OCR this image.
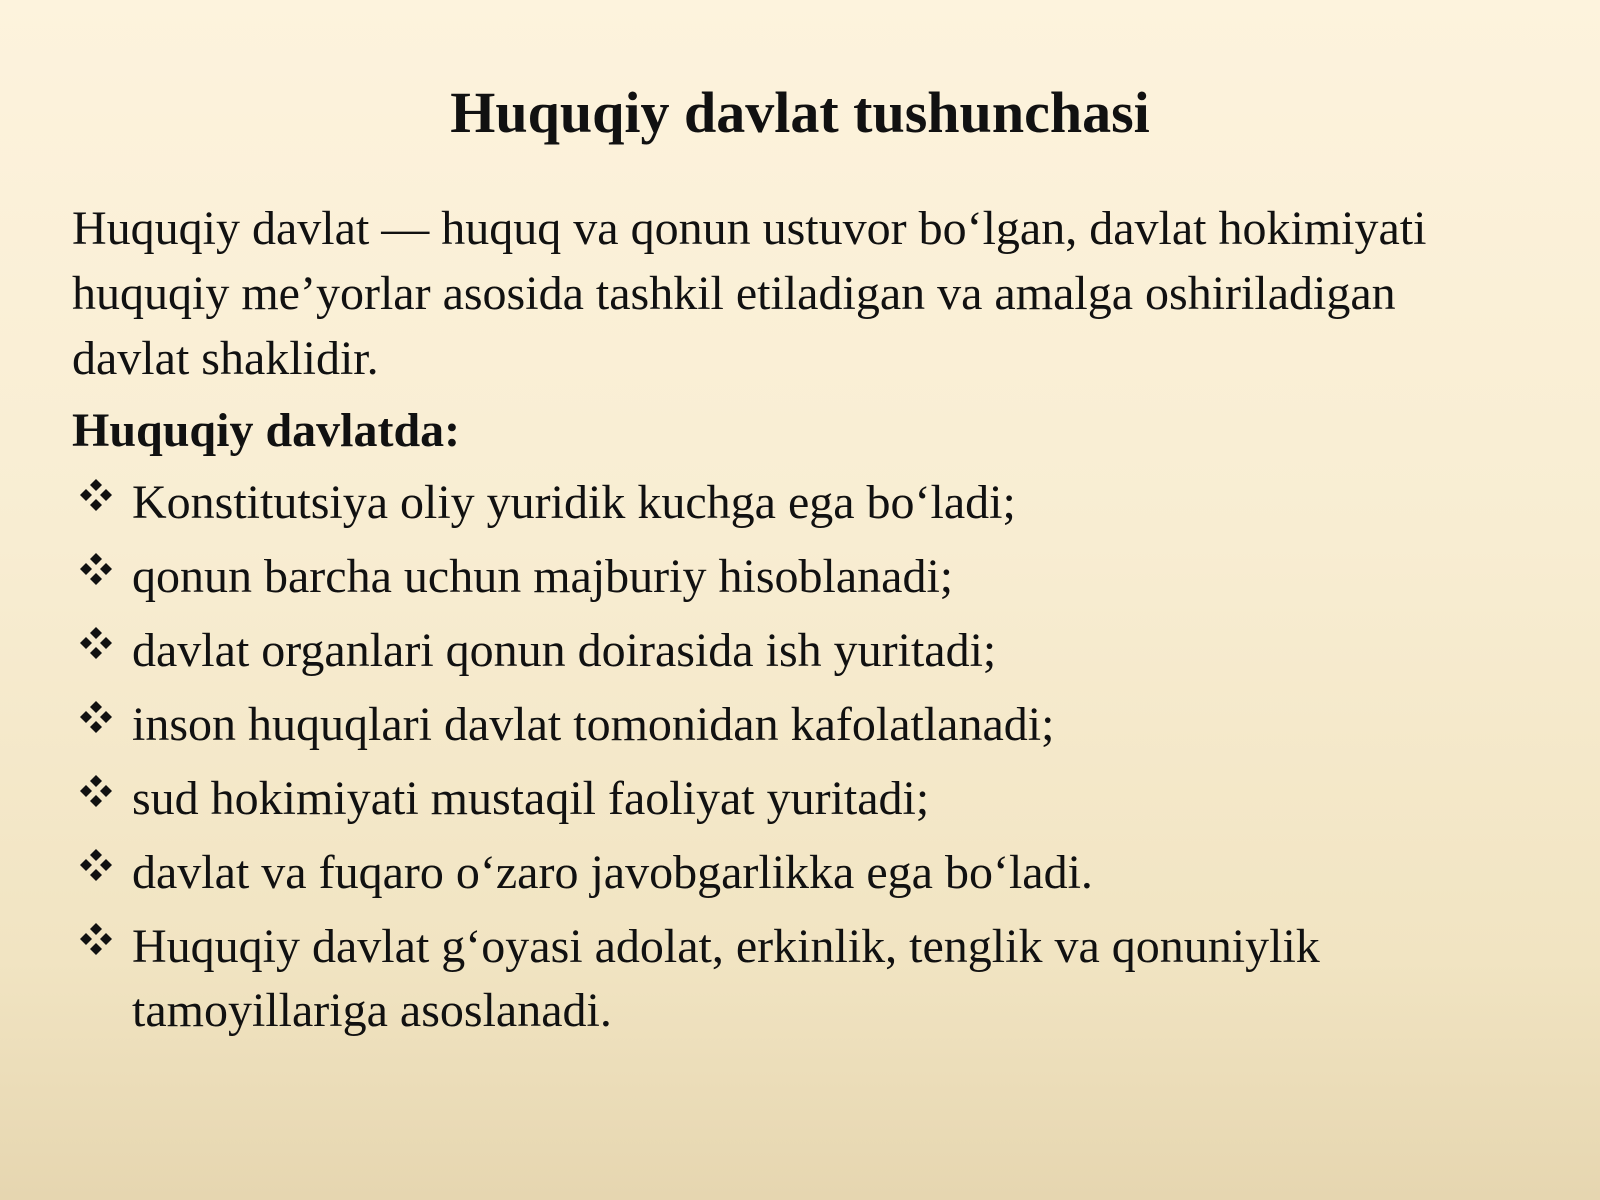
Huquqiy davlat tushunchasi

Huquqiy davlat — huquq va qonun ustuvor bo‘lgan, davlat hokimiyati huquqiy me’yorlar asosida tashkil etiladigan va amalga oshiriladigan davlat shaklidir.

Huquqiy davlatda:

Konstitutsiya oliy yuridik kuchga ega bo‘ladi;
qonun barcha uchun majburiy hisoblanadi;
davlat organlari qonun doirasida ish yuritadi;
inson huquqlari davlat tomonidan kafolatlanadi;
sud hokimiyati mustaqil faoliyat yuritadi;
davlat va fuqaro o‘zaro javobgarlikka ega bo‘ladi.
Huquqiy davlat g‘oyasi adolat, erkinlik, tenglik va qonuniylik tamoyillariga asoslanadi.
